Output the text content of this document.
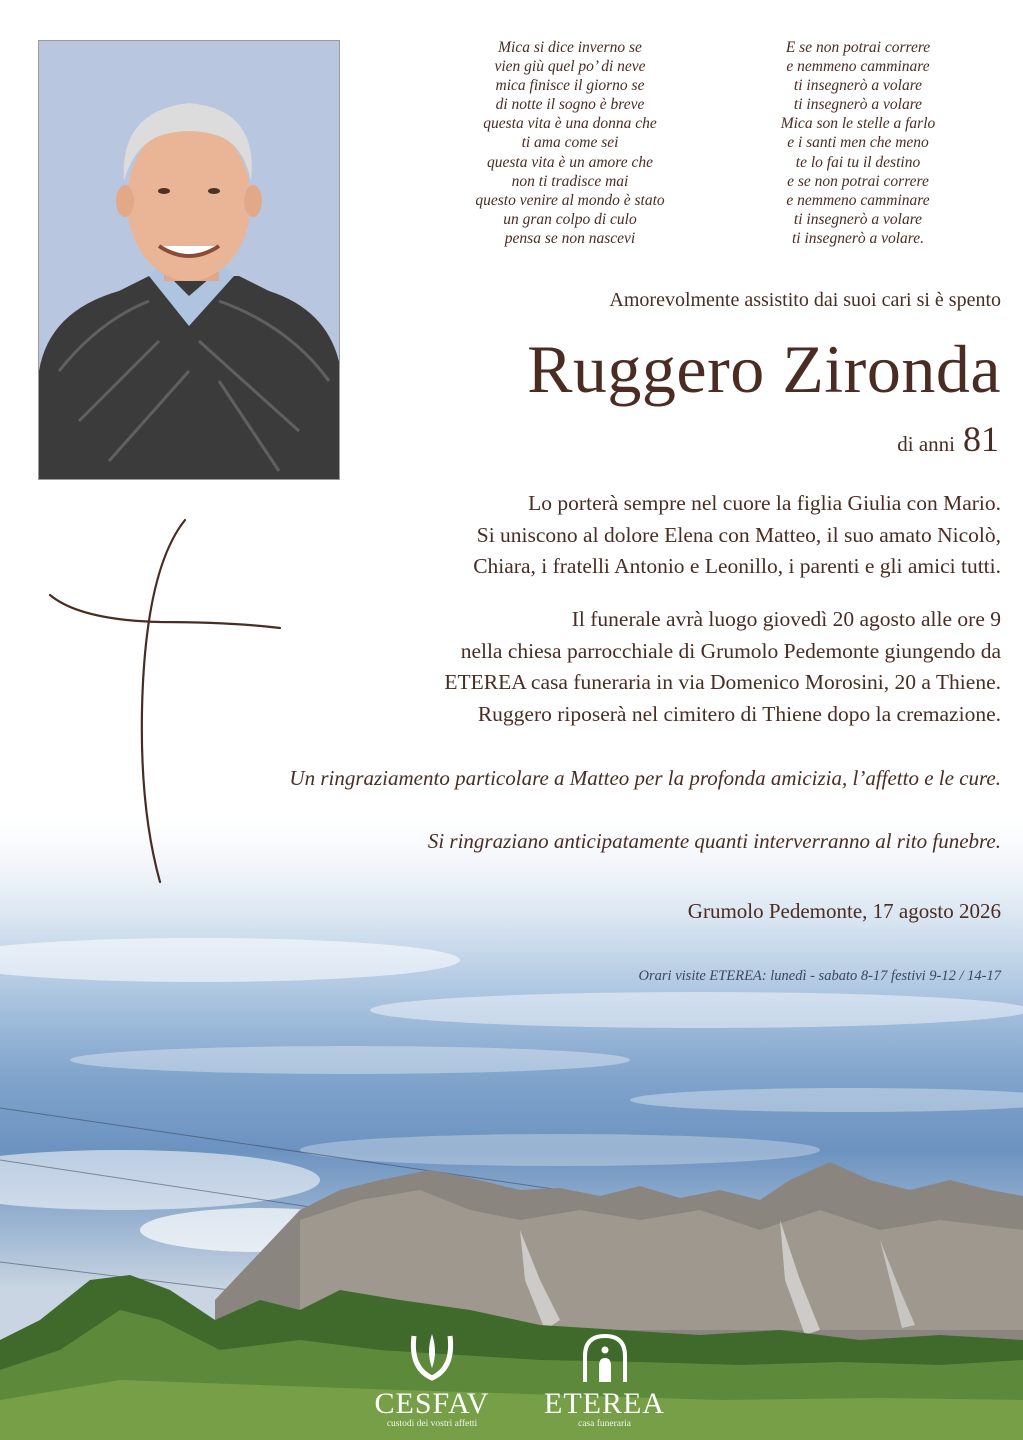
Mica si dice inverno se
vien giù quel po’ di neve
mica finisce il giorno se
di notte il sogno è breve
questa vita è una donna che
ti ama come sei
questa vita è un amore che
non ti tradisce mai
questo venire al mondo è stato
un gran colpo di culo
pensa se non nascevi
E se non potrai correre
e nemmeno camminare
ti insegnerò a volare
ti insegnerò a volare
Mica son le stelle a farlo
e i santi men che meno
te lo fai tu il destino
e se non potrai correre
e nemmeno camminare
ti insegnerò a volare
ti insegnerò a volare.
Amorevolmente assistito dai suoi cari si è spento
Ruggero Zironda
di anni 81
Lo porterà sempre nel cuore la figlia Giulia con Mario.
Si uniscono al dolore Elena con Matteo, il suo amato Nicolò,
Chiara, i fratelli Antonio e Leonillo, i parenti e gli amici tutti.
Il funerale avrà luogo giovedì 20 agosto alle ore 9
nella chiesa parrocchiale di Grumolo Pedemonte giungendo da
ETEREA casa funeraria in via Domenico Morosini, 20 a Thiene.
Ruggero riposerà nel cimitero di Thiene dopo la cremazione.
Un ringraziamento particolare a Matteo per la profonda amicizia, l’affetto e le cure.
Si ringraziano anticipatamente quanti interverranno al rito funebre.
Grumolo Pedemonte, 17 agosto 2026
Orari visite ETEREA: lunedì - sabato 8-17 festivi 9-12 / 14-17
CESFAV
custodi dei vostri affetti
ETEREA
casa funeraria
